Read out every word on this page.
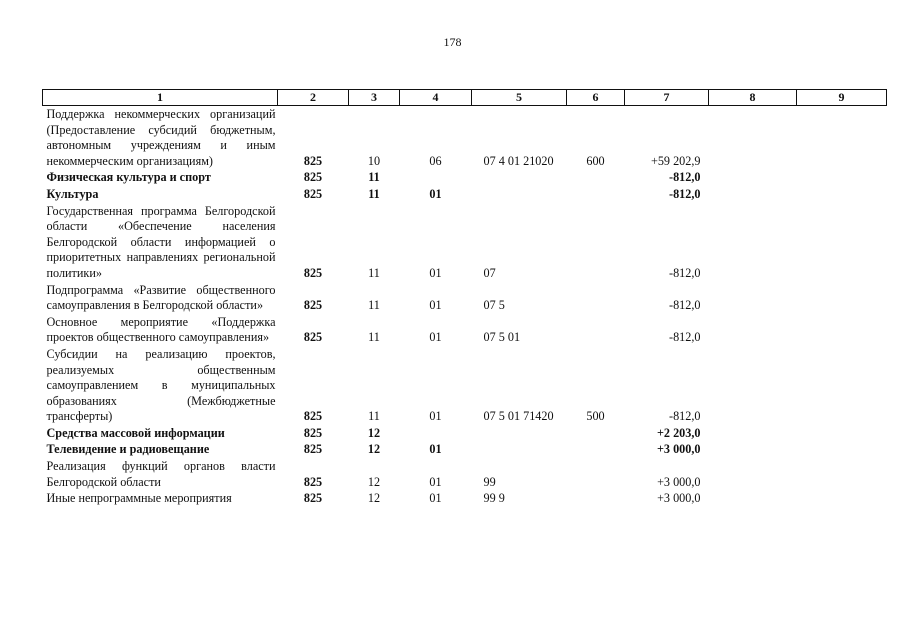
178
1	2	3	4	5	6	7	8	9
Поддержка некоммерческих организаций (Предоставление субсидий бюджетным, автономным учреждениям и иным некоммерческим организациям)	825	10	06	07 4 01 21020	600	+59 202,9		
Физическая культура и спорт	825	11				-812,0		
Культура	825	11	01			-812,0		
Государственная программа Белгородской области «Обеспечение населения Белгородской области информацией о приоритетных направлениях региональной политики»	825	11	01	07		-812,0		
Подпрограмма «Развитие общественного самоуправления в Белгородской области»	825	11	01	07 5		-812,0		
Основное мероприятие «Поддержка проектов общественного самоуправления»	825	11	01	07 5 01		-812,0		
Субсидии на реализацию проектов, реализуемых общественным самоуправлением в муниципальных образованиях (Межбюджетные трансферты)	825	11	01	07 5 01 71420	500	-812,0		
Средства массовой информации	825	12				+2 203,0		
Телевидение и радиовещание	825	12	01			+3 000,0		
Реализация функций органов власти Белгородской области	825	12	01	99		+3 000,0		
Иные непрограммные мероприятия	825	12	01	99 9		+3 000,0		
